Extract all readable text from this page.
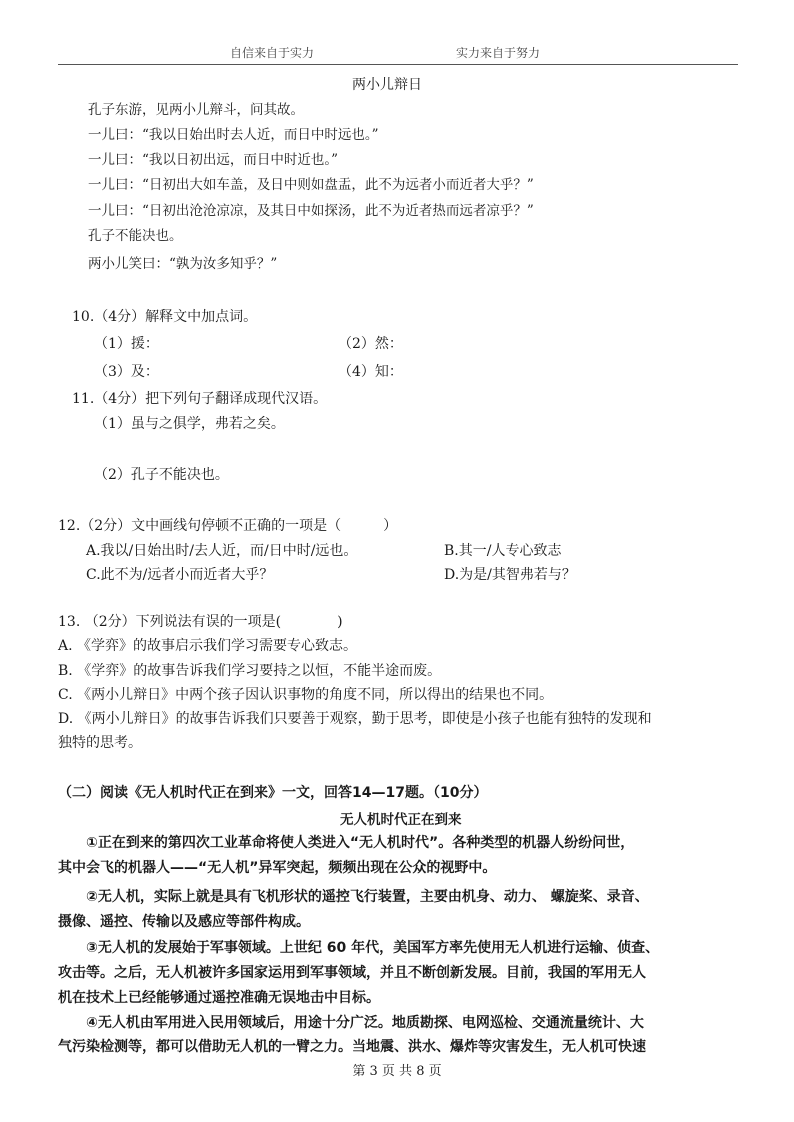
自信来自于实力	实力来自于努力
两小儿辩日
孔子东游，见两小儿辩斗，问其故。
一儿曰：“我以日始出时去人近，而日中时远也。”
一儿曰：“我以日初出远，而日中时近也。”
一儿曰：“日初出大如车盖，及日中则如盘盂，此不为远者小而近者大乎？”
一儿曰：“日初出沧沧凉凉，及其日中如探汤，此不为近者热而远者凉乎？”
孔子不能决也。
两小儿笑曰：“孰为汝多知乎？”
10.（4分）解释文中加点词。
（1）援：	（2）然：
（3）及：	（4）知：
11.（4分）把下列句子翻译成现代汉语。
（1）虽与之俱学，弗若之矣。
（2）孔子不能决也。
12.（2分）文中画线句停顿不正确的一项是（　　　）
A.我以/日始出时/去人近，而/日中时/远也。	B.其一/人专心致志
C.此不为/远者小而近者大乎？	D.为是/其智弗若与？
13. （2分）下列说法有误的一项是(　　　　)
A. 《学弈》的故事启示我们学习需要专心致志。
B. 《学弈》的故事告诉我们学习要持之以恒，不能半途而废。
C. 《两小儿辩日》中两个孩子因认识事物的角度不同，所以得出的结果也不同。
D. 《两小儿辩日》的故事告诉我们只要善于观察，勤于思考，即使是小孩子也能有独特的发现和
独特的思考。
（二）阅读《无人机时代正在到来》一文，回答14—17题。（10分）
无人机时代正在到来
①正在到来的第四次工业革命将使人类进入“无人机时代”。各种类型的机器人纷纷问世，
其中会飞的机器人——“无人机”异军突起，频频出现在公众的视野中。
②无人机，实际上就是具有飞机形状的遥控飞行装置，主要由机身、动力、 螺旋桨、录音、
摄像、遥控、传输以及感应等部件构成。
③无人机的发展始于军事领域。上世纪 60 年代，美国军方率先使用无人机进行运输、侦查、
攻击等。之后，无人机被许多国家运用到军事领域，并且不断创新发展。目前，我国的军用无人
机在技术上已经能够通过遥控准确无误地击中目标。
④无人机由军用进入民用领域后，用途十分广泛。地质勘探、电网巡检、交通流量统计、大
气污染检测等，都可以借助无人机的一臂之力。当地震、洪水、爆炸等灾害发生，无人机可快速
第 3 页 共 8 页
